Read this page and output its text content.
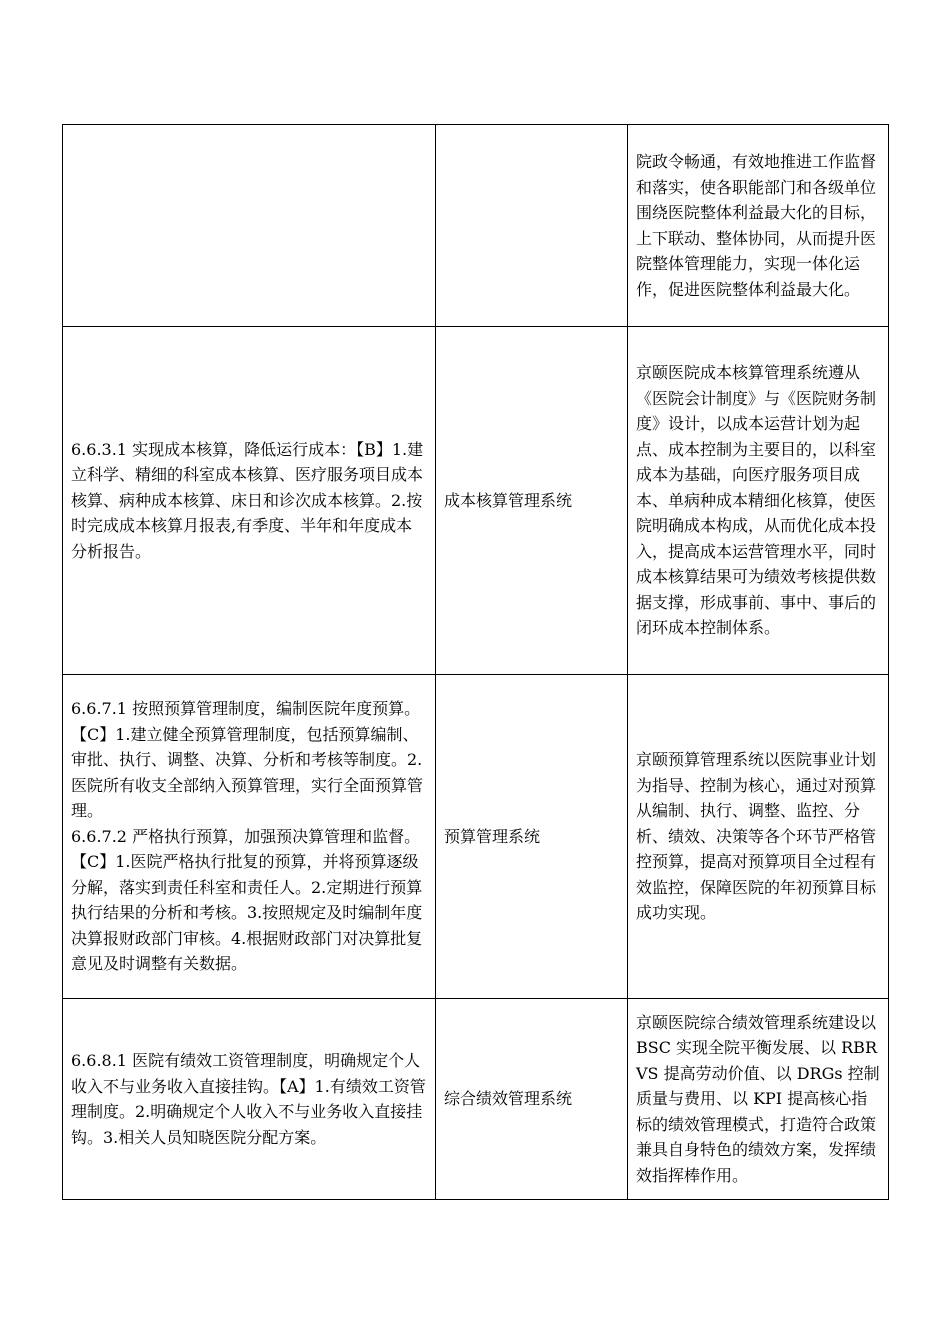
		院政令畅通，有效地推进工作监督和落实，使各职能部门和各级单位围绕医院整体利益最大化的目标，上下联动、整体协同，从而提升医院整体管理能力，实现一体化运作，促进医院整体利益最大化。
6.6.3.1 实现成本核算，降低运行成本：【B】1.建立科学、精细的科室成本核算、医疗服务项目成本核算、病种成本核算、床日和诊次成本核算。2.按时完成成本核算月报表,有季度、半年和年度成本分析报告。	成本核算管理系统	京颐医院成本核算管理系统遵从《医院会计制度》与《医院财务制度》设计，以成本运营计划为起点、成本控制为主要目的，以科室成本为基础，向医疗服务项目成本、单病种成本精细化核算，使医院明确成本构成，从而优化成本投入，提高成本运营管理水平，同时成本核算结果可为绩效考核提供数据支撑，形成事前、事中、事后的闭环成本控制体系。
6.6.7.1 按照预算管理制度，编制医院年度预算。【C】1.建立健全预算管理制度，包括预算编制、审批、执行、调整、决算、分析和考核等制度。2.医院所有收支全部纳入预算管理，实行全面预算管理。
6.6.7.2 严格执行预算，加强预决算管理和监督。【C】1.医院严格执行批复的预算，并将预算逐级分解，落实到责任科室和责任人。2.定期进行预算执行结果的分析和考核。3.按照规定及时编制年度决算报财政部门审核。4.根据财政部门对决算批复意见及时调整有关数据。	预算管理系统	京颐预算管理系统以医院事业计划为指导、控制为核心，通过对预算从编制、执行、调整、监控、分析、绩效、决策等各个环节严格管控预算，提高对预算项目全过程有效监控，保障医院的年初预算目标成功实现。
6.6.8.1 医院有绩效工资管理制度，明确规定个人收入不与业务收入直接挂钩。【A】1.有绩效工资管理制度。2.明确规定个人收入不与业务收入直接挂钩。3.相关人员知晓医院分配方案。	综合绩效管理系统	京颐医院综合绩效管理系统建设以 BSC 实现全院平衡发展、以 RBRVS 提高劳动价值、以 DRGs 控制质量与费用、以 KPI 提高核心指标的绩效管理模式，打造符合政策兼具自身特色的绩效方案，发挥绩效指挥棒作用。
